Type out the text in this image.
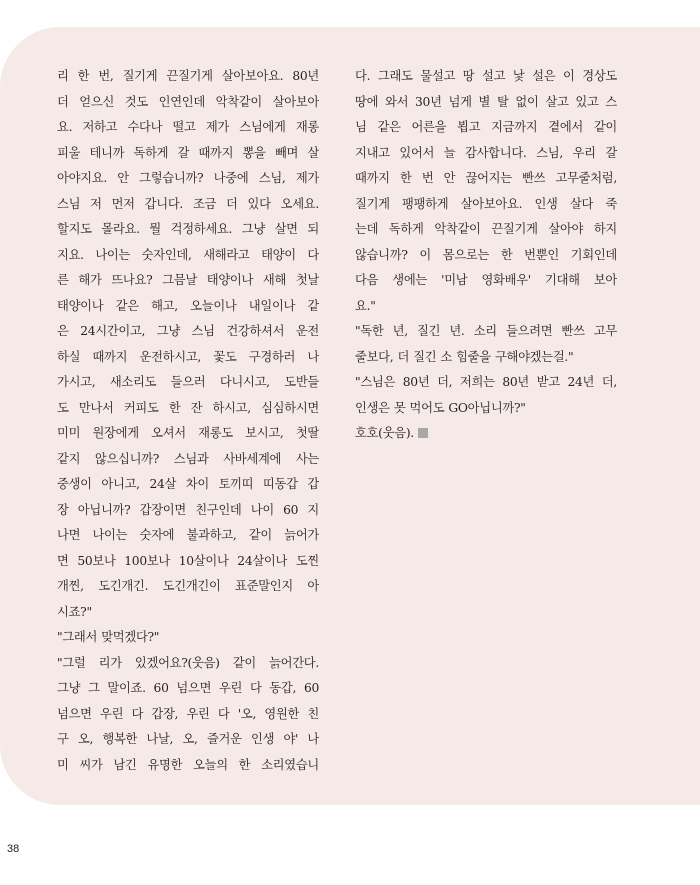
리 한 번, 질기게 끈질기게 살아보아요. 80년
더 얻으신 것도 인연인데 악착같이 살아보아
요. 저하고 수다나 떨고 제가 스님에게 재롱
피울 테니까 독하게 갈 때까지 뽕을 빼며 살
아야지요. 안 그렇습니까? 나중에 스님, 제가
스님 저 먼저 갑니다. 조금 더 있다 오세요.
할지도 몰라요. 뭘 걱정하세요. 그냥 살면 되
지요. 나이는 숫자인데, 새해라고 태양이 다
른 해가 뜨나요? 그믐날 태양이나 새해 첫날
태양이나 같은 해고, 오늘이나 내일이나 같
은 24시간이고, 그냥 스님 건강하셔서 운전
하실 때까지 운전하시고, 꽃도 구경하러 나
가시고, 새소리도 들으러 다니시고, 도반들
도 만나서 커피도 한 잔 하시고, 심심하시면
미미 원장에게 오셔서 재롱도 보시고, 첫딸
같지 않으십니까? 스님과 사바세계에 사는
중생이 아니고, 24살 차이 토끼띠 띠동갑 갑
장 아닙니까? 갑장이면 친구인데 나이 60 지
나면 나이는 숫자에 불과하고, 같이 늙어가
면 50보나 100보나 10살이나 24살이나 도찐
개찐, 도긴개긴. 도긴개긴이 표준말인지 아
시죠?"
"그래서 맞먹겠다?"
"그럴 리가 있겠어요?(웃음) 같이 늙어간다.
그냥 그 말이죠. 60 넘으면 우린 다 동갑, 60
넘으면 우린 다 갑장, 우린 다 '오, 영원한 친
구 오, 행복한 나날, 오, 즐거운 인생 야' 나
미 씨가 남긴 유명한 오늘의 한 소리였습니
다. 그래도 물설고 땅 설고 낯 설은 이 경상도
땅에 와서 30년 넘게 별 탈 없이 살고 있고 스
님 같은 어른을 뵙고 지금까지 곁에서 같이
지내고 있어서 늘 감사합니다. 스님, 우리 갈
때까지 한 번 안 끊어지는 빤쓰 고무줄처럼,
질기게 팽팽하게 살아보아요. 인생 살다 죽
는데 독하게 악착같이 끈질기게 살아야 하지
않습니까? 이 몸으로는 한 번뿐인 기회인데
다음 생에는 '미남 영화배우' 기대해 보아
요."
"독한 년, 질긴 년. 소리 들으려면 빤쓰 고무
줄보다, 더 질긴 소 힘줄을 구해야겠는걸."
"스님은 80년 더, 저희는 80년 받고 24년 더,
인생은 못 먹어도 GO아닙니까?"
호호(웃음).
38
